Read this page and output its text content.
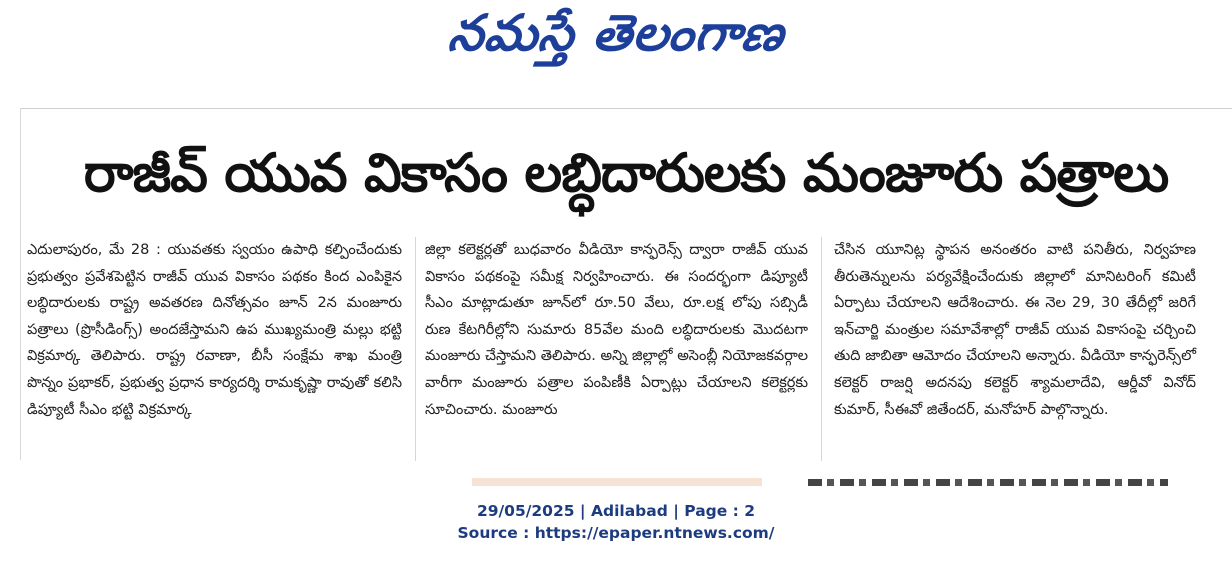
నమస్తే తెలంగాణ
రాజీవ్ యువ వికాసం లబ్ధిదారులకు మంజూరు పత్రాలు
ఎదులాపురం, మే 28 : యువతకు స్వయం ఉపాధి కల్పించేందుకు ప్రభుత్వం ప్రవేశపెట్టిన రాజీవ్ యువ వికాసం పథకం కింద ఎంపికైన లబ్ధిదారులకు రాష్ట్ర అవతరణ దినోత్సవం జూన్ 2న మంజూరు పత్రాలు (ప్రొసీడింగ్స్) అందజేస్తామని ఉప ముఖ్యమంత్రి మల్లు భట్టి విక్రమార్క తెలిపారు. రాష్ట్ర రవాణా, బీసీ సంక్షేమ శాఖ మంత్రి పొన్నం ప్రభాకర్, ప్రభుత్వ ప్రధాన కార్యదర్శి రామకృష్ణా రావుతో కలిసి డిప్యూటీ సీఎం భట్టి విక్రమార్క
జిల్లా కలెక్టర్లతో బుధవారం వీడియో కాన్ఫరెన్స్ ద్వారా రాజీవ్ యువ వికాసం పథకంపై సమీక్ష నిర్వహించారు. ఈ సందర్భంగా డిప్యూటీ సీఎం మాట్లాడుతూ జూన్‌లో రూ.50 వేలు, రూ.లక్ష లోపు సబ్సిడీ రుణ కేటగిరీల్లోని సుమారు 85వేల మంది లబ్ధిదారులకు మొదటగా మంజూరు చేస్తామని తెలిపారు. అన్ని జిల్లాల్లో అసెంబ్లీ నియోజకవర్గాల వారీగా మంజూరు పత్రాల పంపిణీకి ఏర్పాట్లు చేయాలని కలెక్టర్లకు సూచించారు. మంజూరు
చేసిన యూనిట్ల స్థాపన అనంతరం వాటి పనితీరు, నిర్వహణ తీరుతెన్నులను పర్యవేక్షించేందుకు జిల్లాలో మానిటరింగ్ కమిటీ ఏర్పాటు చేయాలని ఆదేశించారు. ఈ నెల 29, 30 తేదీల్లో జరిగే ఇన్‌చార్జి మంత్రుల సమావేశాల్లో రాజీవ్ యువ వికాసంపై చర్చించి తుది జాబితా ఆమోదం చేయాలని అన్నారు. వీడియో కాన్ఫరెన్స్‌లో కలెక్టర్ రాజర్షి అదనపు కలెక్టర్ శ్యామలాదేవి, ఆర్డీవో వినోద్ కుమార్, సీఈవో జితేందర్, మనోహర్ పాల్గొన్నారు.
29/05/2025 | Adilabad | Page : 2
Source : https://epaper.ntnews.com/
